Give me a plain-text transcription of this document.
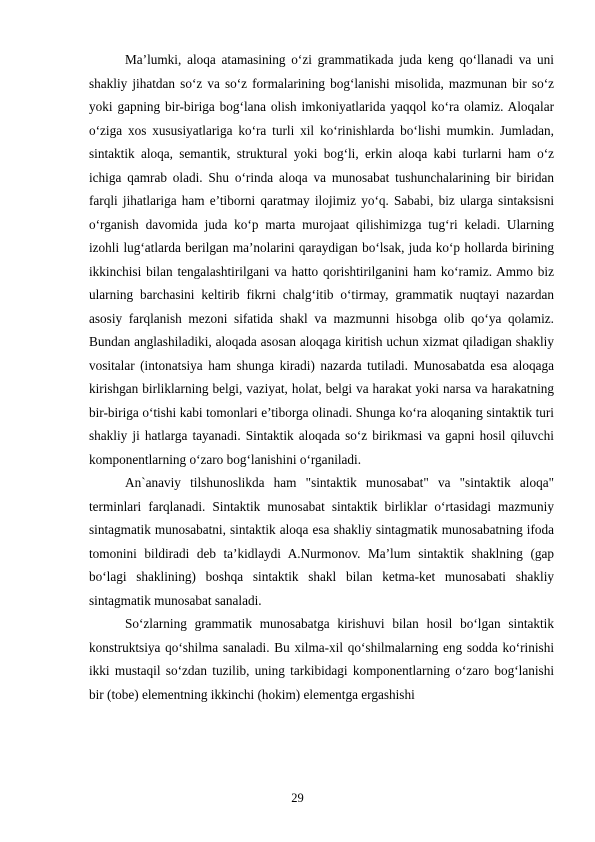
Ma’lumki, aloqa atamasining o‘zi grammatikada juda keng qo‘llanadi va uni shakliy jihatdan so‘z va so‘z formalarining bog‘lanishi misolida, mazmunan bir so‘z yoki gapning bir-biriga bog‘lana olish imkoniyatlarida yaqqol ko‘ra olamiz. Aloqalar o‘ziga xos xususiyatlariga ko‘ra turli xil ko‘rinishlarda bo‘lishi mumkin. Jumladan, sintaktik aloqa, semantik, struktural yoki bog‘li, erkin aloqa kabi turlarni ham o‘z ichiga qamrab oladi. Shu o‘rinda aloqa va munosabat tushunchalarining bir biridan farqli jihatlariga ham e’tiborni qaratmay ilojimiz yo‘q. Sababi, biz ularga sintaksisni o‘rganish davomida juda ko‘p marta murojaat qilishimizga tug‘ri keladi. Ularning izohli lug‘atlarda berilgan ma’nolarini qaraydigan bo‘lsak, juda ko‘p hollarda birining ikkinchisi bilan tengalashtirilgani va hatto qorishtirilganini ham ko‘ramiz. Ammo biz ularning barchasini keltirib fikrni chalg‘itib o‘tirmay, grammatik nuqtayi nazardan asosiy farqlanish mezoni sifatida shakl va mazmunni hisobga olib qo‘ya qolamiz. Bundan anglashiladiki, aloqada asosan aloqaga kiritish uchun xizmat qiladigan shakliy vositalar (intonatsiya ham shunga kiradi) nazarda tutiladi. Munosabatda esa aloqaga kirishgan birliklarning belgi, vaziyat, holat, belgi va harakat yoki narsa va harakatning bir-biriga o‘tishi kabi tomonlari e’tiborga olinadi. Shunga ko‘ra aloqaning sintaktik turi shakliy ji hatlarga tayanadi. Sintaktik aloqada so‘z birikmasi va gapni hosil qiluvchi komponentlarning o‘zaro bog‘lanishini o‘rganiladi.

An`anaviy tilshunoslikda ham "sintaktik munosabat" va "sintaktik aloqa" terminlari farqlanadi. Sintaktik munosabat sintaktik birliklar o‘rtasidagi mazmuniy sintagmatik munosabatni, sintaktik aloqa esa shakliy sintagmatik munosabatning ifoda tomonini bildiradi deb ta’kidlaydi A.Nurmonov. Ma’lum sintaktik shaklning (gap bo‘lagi shaklining) boshqa sintaktik shakl bilan ketma-ket munosabati shakliy sintagmatik munosabat sanaladi.

So‘zlarning grammatik munosabatga kirishuvi bilan hosil bo‘lgan sintaktik konstruktsiya qo‘shilma sanaladi. Bu xilma-xil qo‘shilmalarning eng sodda ko‘rinishi ikki mustaqil so‘zdan tuzilib, uning tarkibidagi komponentlarning o‘zaro bog‘lanishi bir (tobe) elementning ikkinchi (hokim) elementga ergashishi

29
